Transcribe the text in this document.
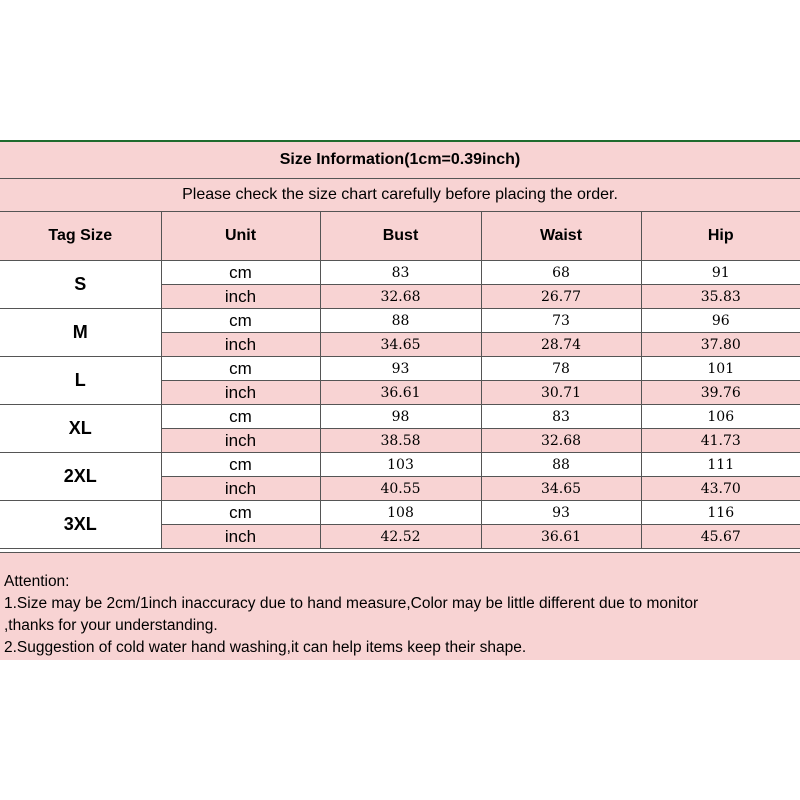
Size Information(1cm=0.39inch)
Please check the size chart carefully before placing the order.
Tag Size	Unit	Bust	Waist	Hip
S	cm	83	68	91
	inch	32.68	26.77	35.83
M	cm	88	73	96
	inch	34.65	28.74	37.80
L	cm	93	78	101
	inch	36.61	30.71	39.76
XL	cm	98	83	106
	inch	38.58	32.68	41.73
2XL	cm	103	88	111
	inch	40.55	34.65	43.70
3XL	cm	108	93	116
	inch	42.52	36.61	45.67
Attention:
1.Size may be 2cm/1inch inaccuracy due to hand measure,Color may be little different due to monitor
,thanks for your understanding.
2.Suggestion of cold water hand washing,it can help items keep their shape.
